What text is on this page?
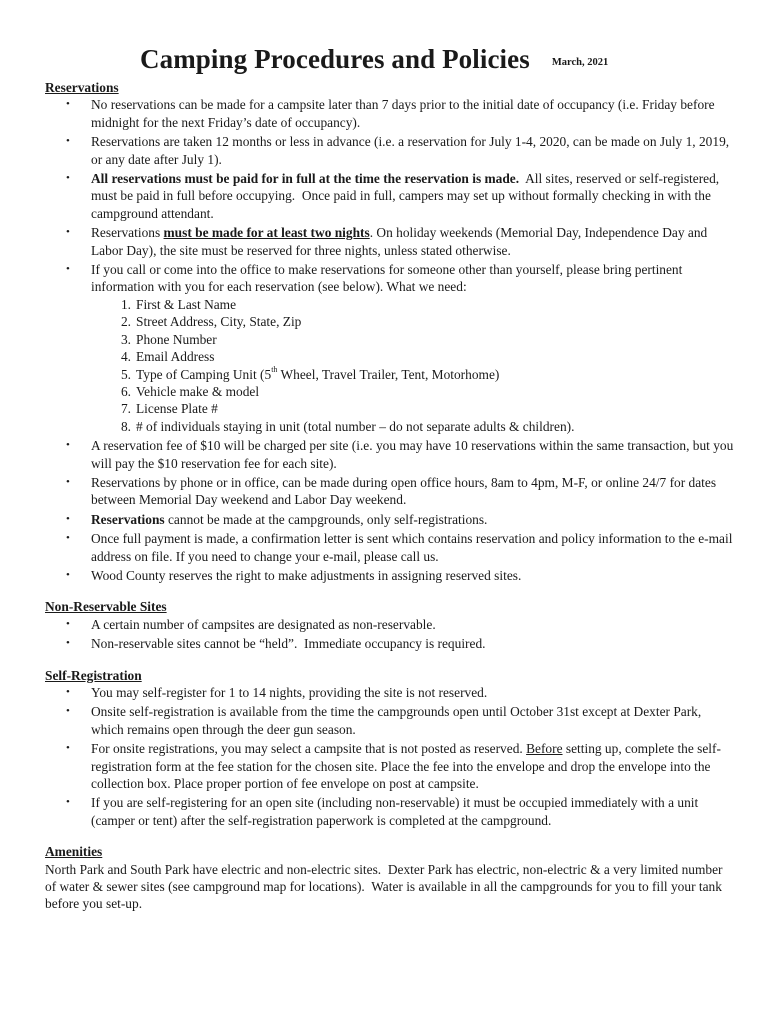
Camping Procedures and Policies March, 2021

Reservations

• No reservations can be made for a campsite later than 7 days prior to the initial date of occupancy (i.e. Friday before midnight for the next Friday’s date of occupancy).
• Reservations are taken 12 months or less in advance (i.e. a reservation for July 1-4, 2020, can be made on July 1, 2019, or any date after July 1).
• All reservations must be paid for in full at the time the reservation is made.  All sites, reserved or self-registered, must be paid in full before occupying.  Once paid in full, campers may set up without formally checking in with the campground attendant.
• Reservations must be made for at least two nights. On holiday weekends (Memorial Day, Independence Day and Labor Day), the site must be reserved for three nights, unless stated otherwise.
• If you call or come into the office to make reservations for someone other than yourself, please bring pertinent information with you for each reservation (see below). What we need:
1. First & Last Name
2. Street Address, City, State, Zip
3. Phone Number
4. Email Address
5. Type of Camping Unit (5th Wheel, Travel Trailer, Tent, Motorhome)
6. Vehicle make & model
7. License Plate #
8. # of individuals staying in unit (total number – do not separate adults & children).
• A reservation fee of $10 will be charged per site (i.e. you may have 10 reservations within the same transaction, but you will pay the $10 reservation fee for each site).
• Reservations by phone or in office, can be made during open office hours, 8am to 4pm, M-F, or online 24/7 for dates between Memorial Day weekend and Labor Day weekend.
• Reservations cannot be made at the campgrounds, only self-registrations.
• Once full payment is made, a confirmation letter is sent which contains reservation and policy information to the e-mail address on file. If you need to change your e-mail, please call us.
• Wood County reserves the right to make adjustments in assigning reserved sites.

Non-Reservable Sites

• A certain number of campsites are designated as non-reservable.
• Non-reservable sites cannot be “held”.  Immediate occupancy is required.

Self-Registration

• You may self-register for 1 to 14 nights, providing the site is not reserved.
• Onsite self-registration is available from the time the campgrounds open until October 31st except at Dexter Park, which remains open through the deer gun season.
• For onsite registrations, you may select a campsite that is not posted as reserved. Before setting up, complete the self-registration form at the fee station for the chosen site. Place the fee into the envelope and drop the envelope into the collection box. Place proper portion of fee envelope on post at campsite.
• If you are self-registering for an open site (including non-reservable) it must be occupied immediately with a unit (camper or tent) after the self-registration paperwork is completed at the campground.

Amenities

North Park and South Park have electric and non-electric sites.  Dexter Park has electric, non-electric & a very limited number of water & sewer sites (see campground map for locations).  Water is available in all the campgrounds for you to fill your tank before you set-up.
